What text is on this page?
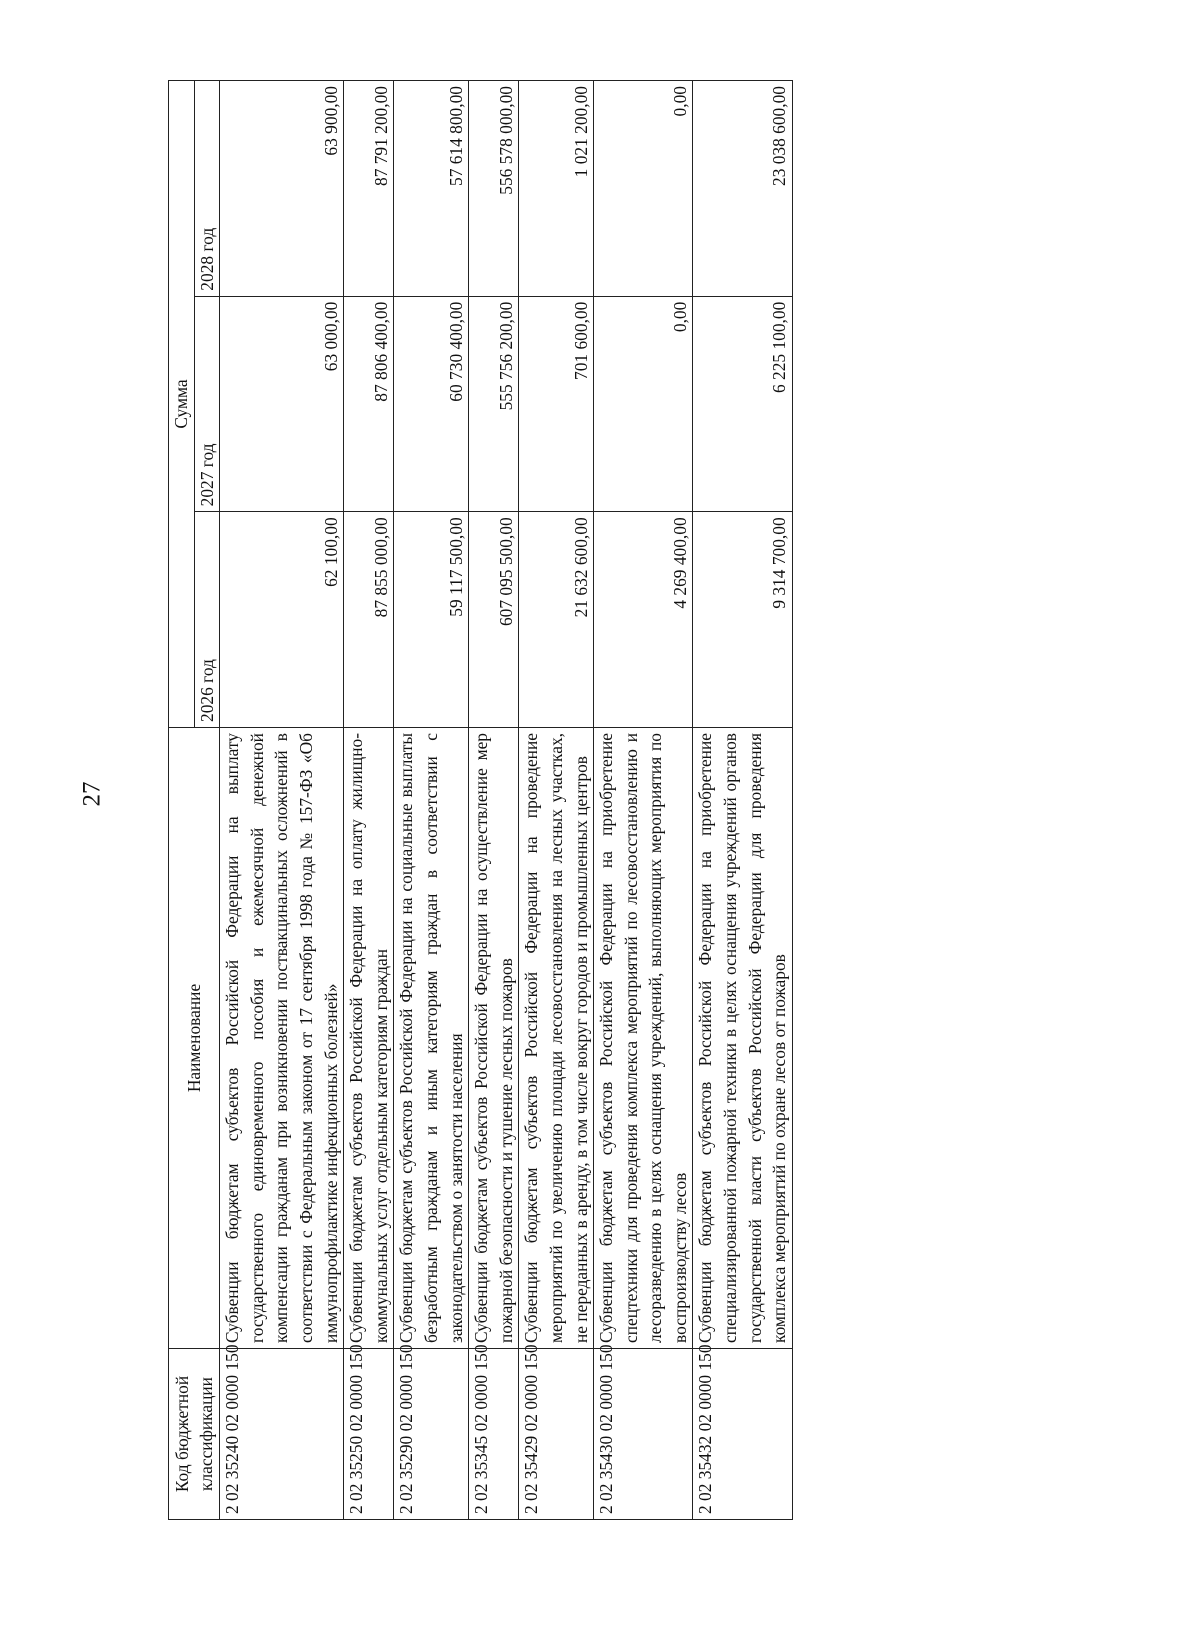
27
Код бюджетной классификации	Наименование	Сумма		
		2026 год	2027 год	2028 год
2 02 35240 02 0000 150	Субвенции бюджетам субъектов Российской Федерации на выплату государственного единовременного пособия и ежемесячной денежной компенсации гражданам при возникновении поствакцинальных осложнений в соответствии с Федеральным законом от 17 сентября 1998 года № 157-ФЗ «Об иммунопрофилактике инфекционных болезней»	62 100,00	63 000,00	63 900,00
2 02 35250 02 0000 150	Субвенции бюджетам субъектов Российской Федерации на оплату жилищно-коммунальных услуг отдельным категориям граждан	87 855 000,00	87 806 400,00	87 791 200,00
2 02 35290 02 0000 150	Субвенции бюджетам субъектов Российской Федерации на социальные выплаты безработным гражданам и иным категориям граждан в соответствии с законодательством о занятости населения	59 117 500,00	60 730 400,00	57 614 800,00
2 02 35345 02 0000 150	Субвенции бюджетам субъектов Российской Федерации на осуществление мер пожарной безопасности и тушение лесных пожаров	607 095 500,00	555 756 200,00	556 578 000,00
2 02 35429 02 0000 150	Субвенции бюджетам субъектов Российской Федерации на проведение мероприятий по увеличению площади лесовосстановления на лесных участках, не переданных в аренду, в том числе вокруг городов и промышленных центров	21 632 600,00	701 600,00	1 021 200,00
2 02 35430 02 0000 150	Субвенции бюджетам субъектов Российской Федерации на приобретение спецтехники для проведения комплекса мероприятий по лесовосстановлению и лесоразведению в целях оснащения учреждений, выполняющих мероприятия по воспроизводству лесов	4 269 400,00	0,00	0,00
2 02 35432 02 0000 150	Субвенции бюджетам субъектов Российской Федерации на приобретение специализированной пожарной техники в целях оснащения учреждений органов государственной власти субъектов Российской Федерации для проведения комплекса мероприятий по охране лесов от пожаров	9 314 700,00	6 225 100,00	23 038 600,00
